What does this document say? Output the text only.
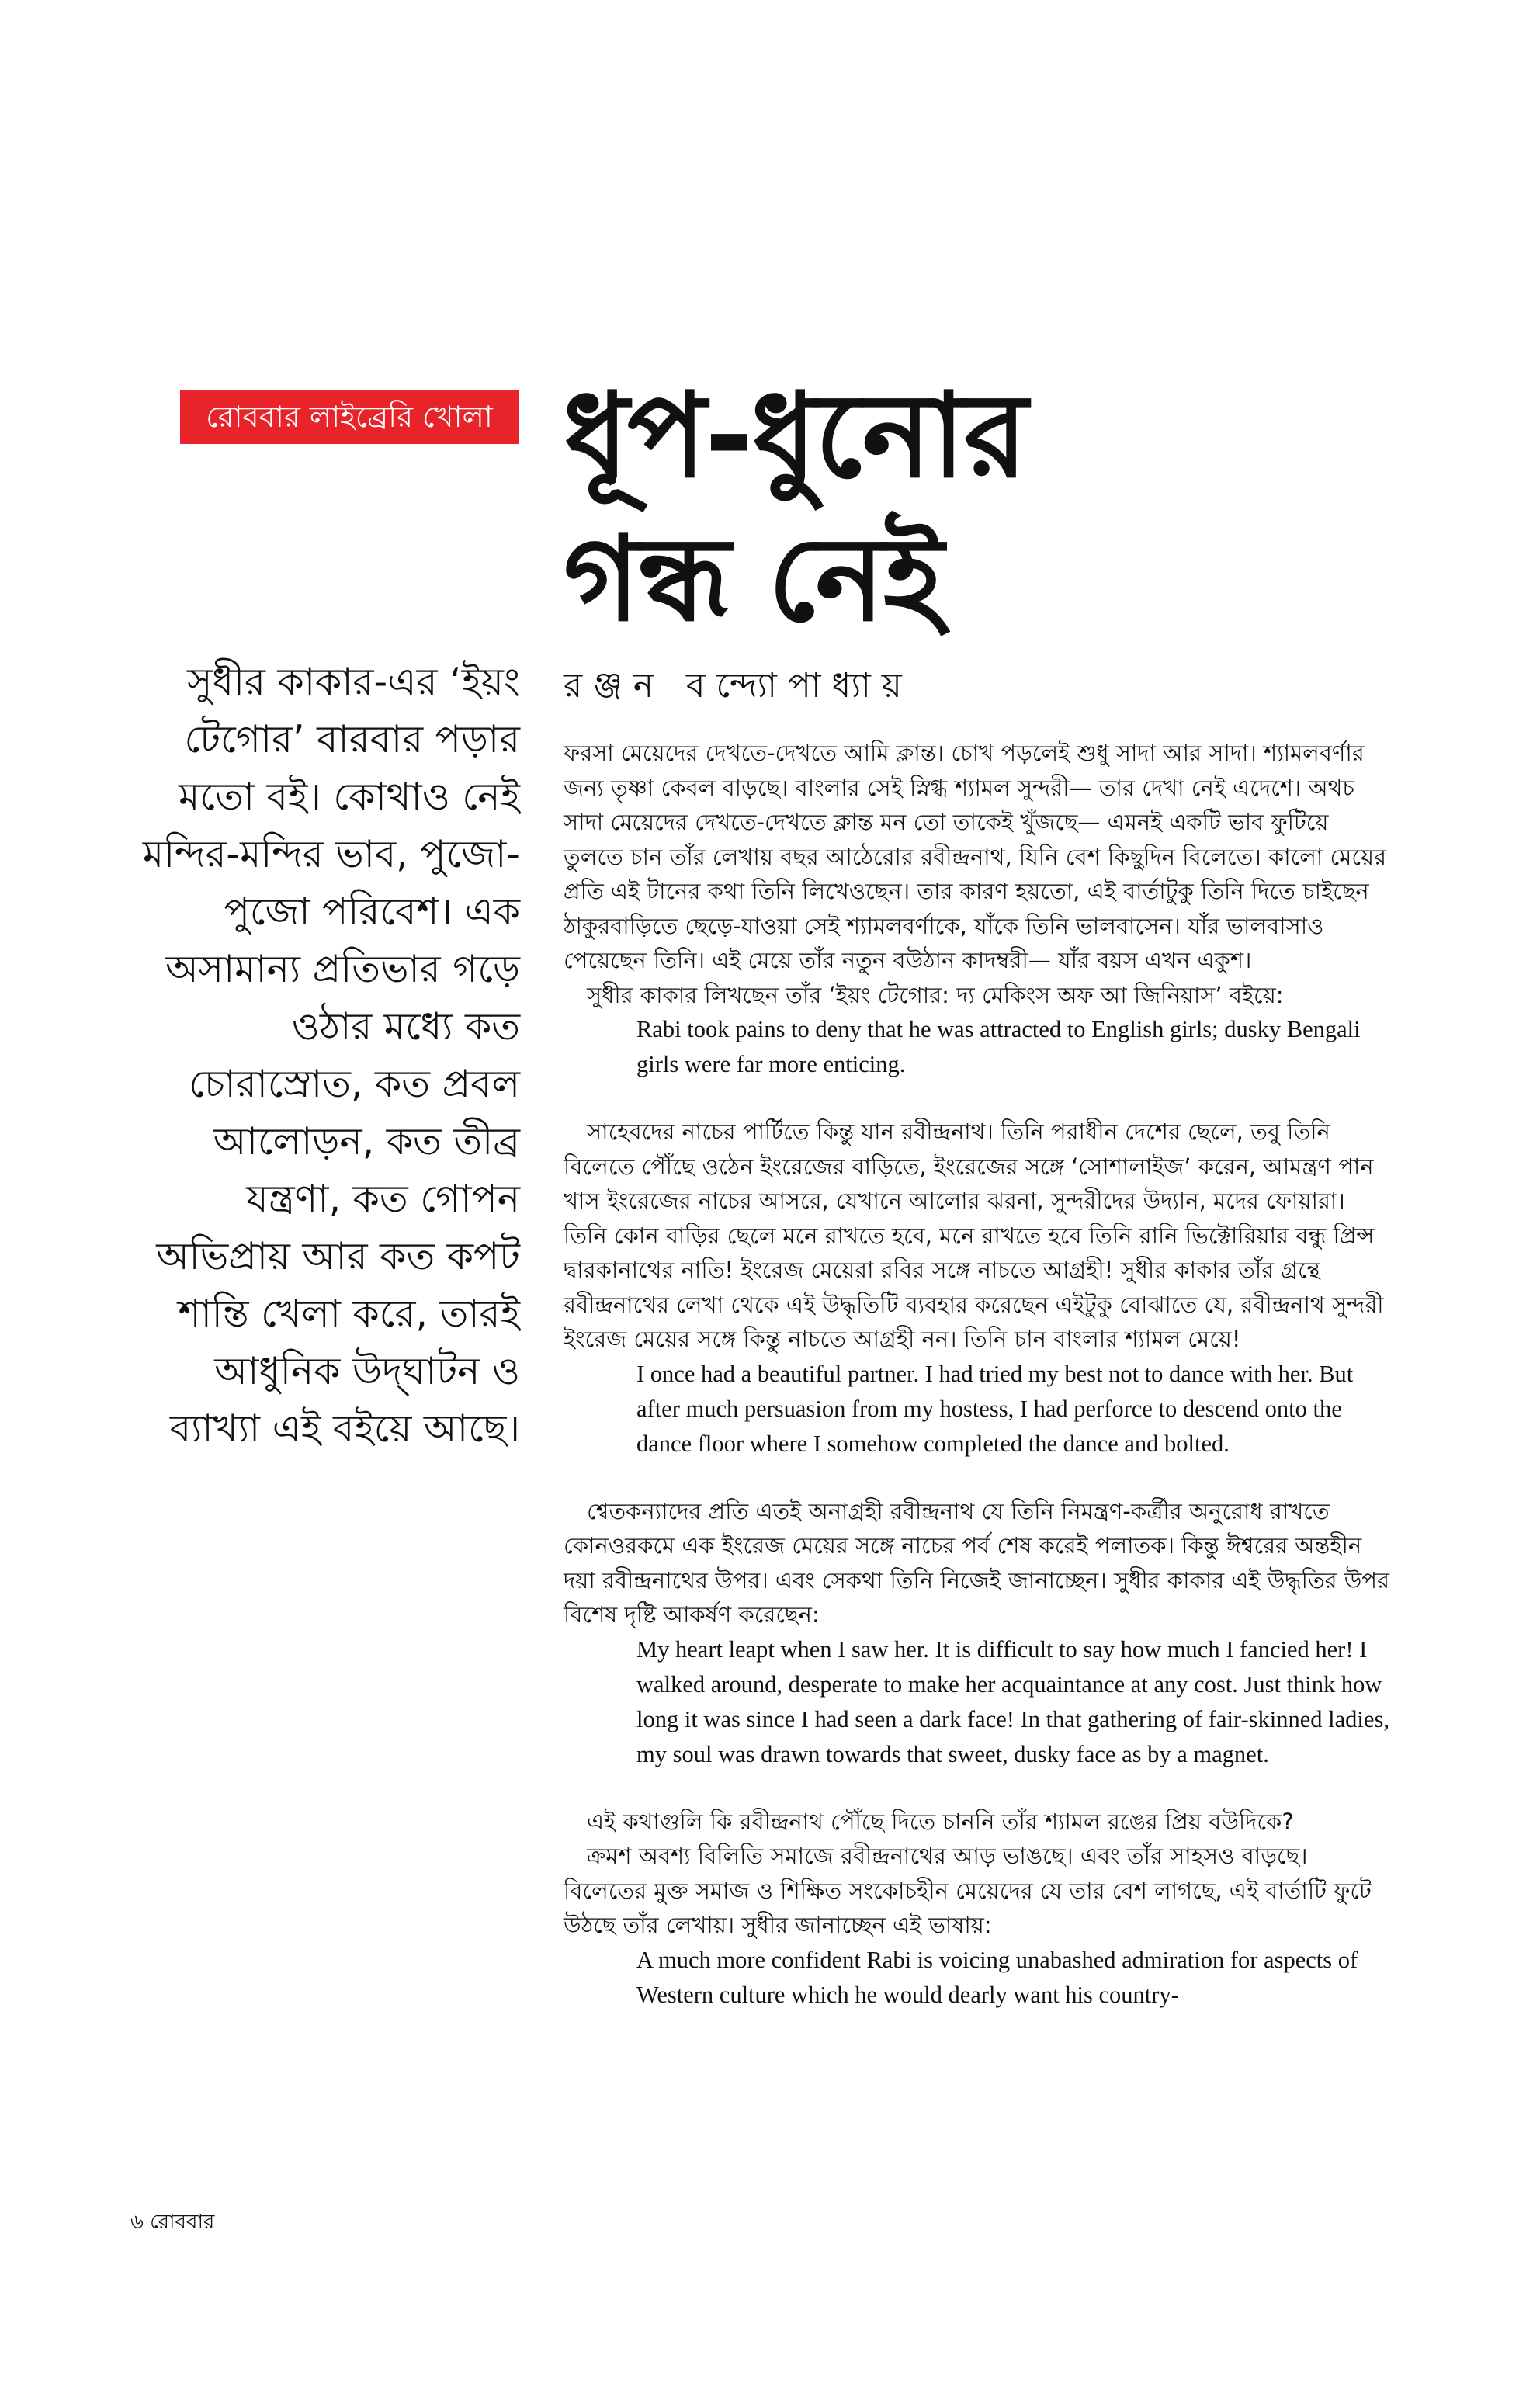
রোববার লাইব্রেরি খোলা ধূপ-ধুনোর
গন্ধ নেই
সুধীর কাকার-এর ‘ইয়ং টেগোর’ বারবার পড়ার মতো বই। কোথাও নেই মন্দির-মন্দির ভাব, পুজো-পুজো পরিবেশ। এক অসামান্য প্রতিভার গড়ে ওঠার মধ্যে কত চোরাস্রোত, কত প্রবল আলোড়ন, কত তীব্র যন্ত্রণা, কত গোপন অভিপ্রায় আর কত কপট শান্তি খেলা করে, তারই আধুনিক উদ্‌ঘাটন ও ব্যাখ্যা এই বইয়ে আছে।
রঞ্জন বন্দ্যোপাধ্যায়

ফরসা মেয়েদের দেখতে-দেখতে আমি ক্লান্ত। চোখ পড়লেই শুধু সাদা আর সাদা। শ্যামলবর্ণার জন্য তৃষ্ণা কেবল বাড়ছে। বাংলার সেই স্নিগ্ধ শ্যামল সুন্দরী— তার দেখা নেই এদেশে। অথচ সাদা মেয়েদের দেখতে-দেখতে ক্লান্ত মন তো তাকেই খুঁজছে— এমনই একটি ভাব ফুটিয়ে তুলতে চান তাঁর লেখায় বছর আঠেরোর রবীন্দ্রনাথ, যিনি বেশ কিছুদিন বিলেতে। কালো মেয়ের প্রতি এই টানের কথা তিনি লিখেওছেন। তার কারণ হয়তো, এই বার্তাটুকু তিনি দিতে চাইছেন ঠাকুরবাড়িতে ছেড়ে-যাওয়া সেই শ্যামলবর্ণাকে, যাঁকে তিনি ভালবাসেন। যাঁর ভালবাসাও পেয়েছেন তিনি। এই মেয়ে তাঁর নতুন বউঠান কাদম্বরী— যাঁর বয়স এখন একুশ।

সুধীর কাকার লিখছেন তাঁর ‘ইয়ং টেগোর: দ্য মেকিংস অফ আ জিনিয়াস’ বইয়ে:

Rabi took pains to deny that he was attracted to English girls; dusky Bengali girls were far more enticing.

সাহেবদের নাচের পার্টিতে কিন্তু যান রবীন্দ্রনাথ। তিনি পরাধীন দেশের ছেলে, তবু তিনি বিলেতে পৌঁছে ওঠেন ইংরেজের বাড়িতে, ইংরেজের সঙ্গে ‘সোশালাইজ’ করেন, আমন্ত্রণ পান খাস ইংরেজের নাচের আসরে, যেখানে আলোর ঝরনা, সুন্দরীদের উদ্যান, মদের ফোয়ারা। তিনি কোন বাড়ির ছেলে মনে রাখতে হবে, মনে রাখতে হবে তিনি রানি ভিক্টোরিয়ার বন্ধু প্রিন্স দ্বারকানাথের নাতি! ইংরেজ মেয়েরা রবির সঙ্গে নাচতে আগ্রহী! সুধীর কাকার তাঁর গ্রন্থে রবীন্দ্রনাথের লেখা থেকে এই উদ্ধৃতিটি ব্যবহার করেছেন এইটুকু বোঝাতে যে, রবীন্দ্রনাথ সুন্দরী ইংরেজ মেয়ের সঙ্গে কিন্তু নাচতে আগ্রহী নন। তিনি চান বাংলার শ্যামল মেয়ে!

I once had a beautiful partner. I had tried my best not to dance with her. But after much persuasion from my hostess, I had perforce to descend onto the dance floor where I somehow completed the dance and bolted.

শ্বেতকন্যাদের প্রতি এতই অনাগ্রহী রবীন্দ্রনাথ যে তিনি নিমন্ত্রণ-কর্ত্রীর অনুরোধ রাখতে কোনওরকমে এক ইংরেজ মেয়ের সঙ্গে নাচের পর্ব শেষ করেই পলাতক। কিন্তু ঈশ্বরের অন্তহীন দয়া রবীন্দ্রনাথের উপর। এবং সেকথা তিনি নিজেই জানাচ্ছেন। সুধীর কাকার এই উদ্ধৃতির উপর বিশেষ দৃষ্টি আকর্ষণ করেছেন:

My heart leapt when I saw her. It is difficult to say how much I fancied her! I walked around, desperate to make her acquaintance at any cost. Just think how long it was since I had seen a dark face! In that gathering of fair-skinned ladies, my soul was drawn towards that sweet, dusky face as by a magnet.

এই কথাগুলি কি রবীন্দ্রনাথ পৌঁছে দিতে চাননি তাঁর শ্যামল রঙের প্রিয় বউদিকে?

ক্রমশ অবশ্য বিলিতি সমাজে রবীন্দ্রনাথের আড় ভাঙছে। এবং তাঁর সাহসও বাড়ছে। বিলেতের মুক্ত সমাজ ও শিক্ষিত সংকোচহীন মেয়েদের যে তার বেশ লাগছে, এই বার্তাটি ফুটে উঠছে তাঁর লেখায়। সুধীর জানাচ্ছেন এই ভাষায়:

A much more confident Rabi is voicing unabashed admiration for aspects of Western culture which he would dearly want his country-

৬ রোববার
